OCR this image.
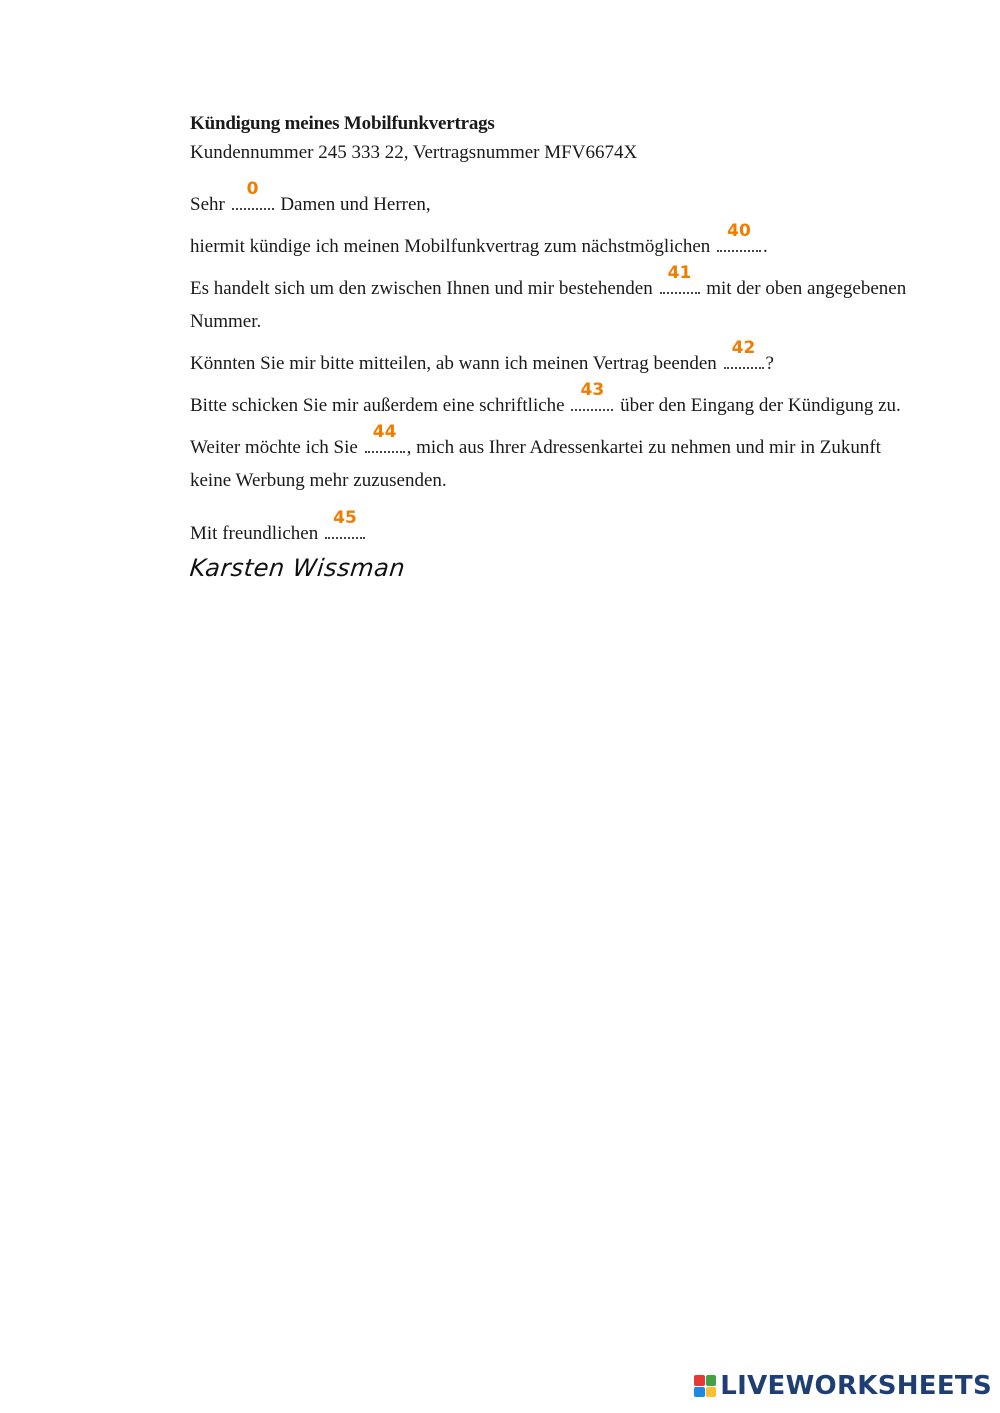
Kündigung meines Mobilfunkvertrags

Kundennummer 245 333 22, Vertragsnummer MFV6674X

Sehr
0
Damen und Herren,

hiermit kündige ich meinen Mobilfunkvertrag zum nächstmöglichen
40
.

Es handelt sich um den zwischen Ihnen und mir bestehenden
41
mit der oben angegebenen Nummer.

Könnten Sie mir bitte mitteilen, ab wann ich meinen Vertrag beenden
42
?

Bitte schicken Sie mir außerdem eine schriftliche
43
über den Eingang der Kündigung zu.

Weiter möchte ich Sie
44
, mich aus Ihrer Adressenkartei zu nehmen und mir in Zukunft keine Werbung mehr zuzusenden.

Mit freundlichen
45

Karsten Wissman
LIVEWORKSHEETS
